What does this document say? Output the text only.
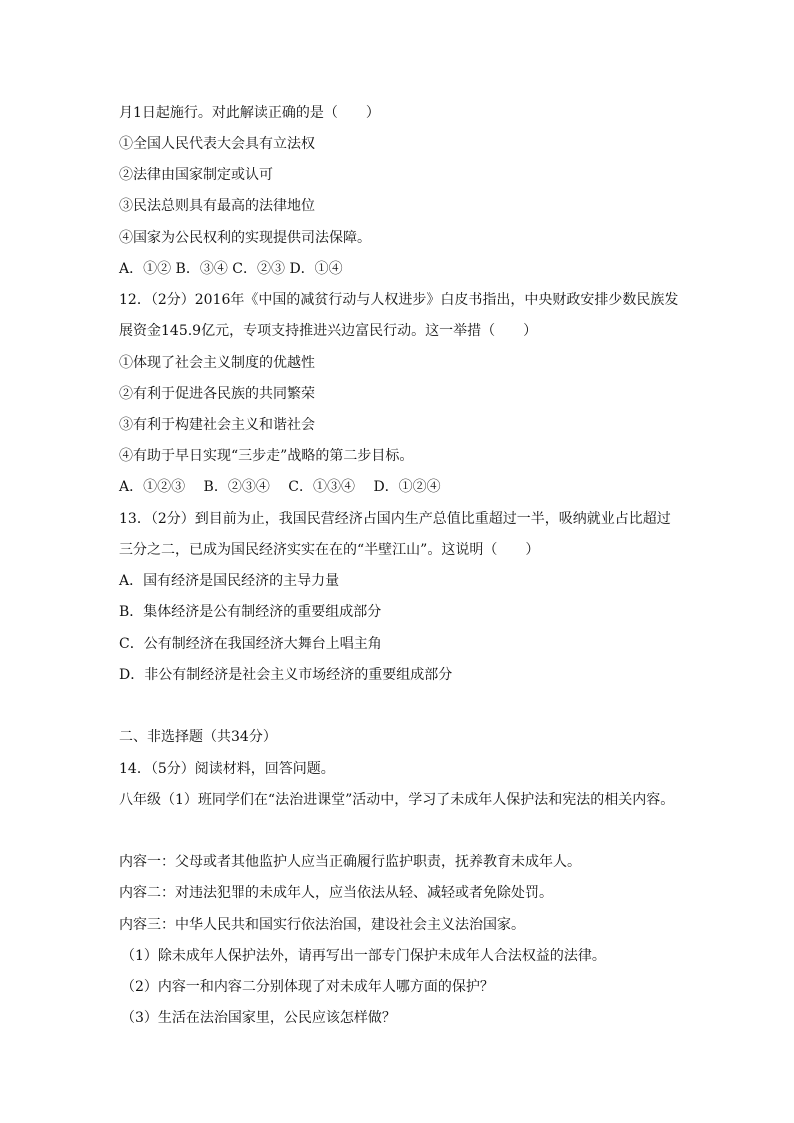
月1日起施行。对此解读正确的是（　　）
①全国人民代表大会具有立法权
②法律由国家制定或认可
③民法总则具有最高的法律地位
④国家为公民权利的实现提供司法保障。
A．①② B．③④ C．②③ D．①④
12．（2分）2016年《中国的减贫行动与人权进步》白皮书指出，中央财政安排少数民族发
展资金145.9亿元，专项支持推进兴边富民行动。这一举措（　　）
①体现了社会主义制度的优越性
②有利于促进各民族的共同繁荣
③有利于构建社会主义和谐社会
④有助于早日实现“三步走”战略的第二步目标。
A．①②③　 B．②③④　 C．①③④　 D．①②④
13．（2分）到目前为止，我国民营经济占国内生产总值比重超过一半，吸纳就业占比超过
三分之二，已成为国民经济实实在在的“半壁江山”。这说明（　　）
A．国有经济是国民经济的主导力量
B．集体经济是公有制经济的重要组成部分
C．公有制经济在我国经济大舞台上唱主角
D．非公有制经济是社会主义市场经济的重要组成部分
二、非选择题（共34分）
14．（5分）阅读材料，回答问题。
八年级（1）班同学们在“法治进课堂”活动中，学习了未成年人保护法和宪法的相关内容。
内容一：父母或者其他监护人应当正确履行监护职责，抚养教育未成年人。
内容二：对违法犯罪的未成年人，应当依法从轻、减轻或者免除处罚。
内容三：中华人民共和国实行依法治国，建设社会主义法治国家。
（1）除未成年人保护法外，请再写出一部专门保护未成年人合法权益的法律。
（2）内容一和内容二分别体现了对未成年人哪方面的保护？
（3）生活在法治国家里，公民应该怎样做？
